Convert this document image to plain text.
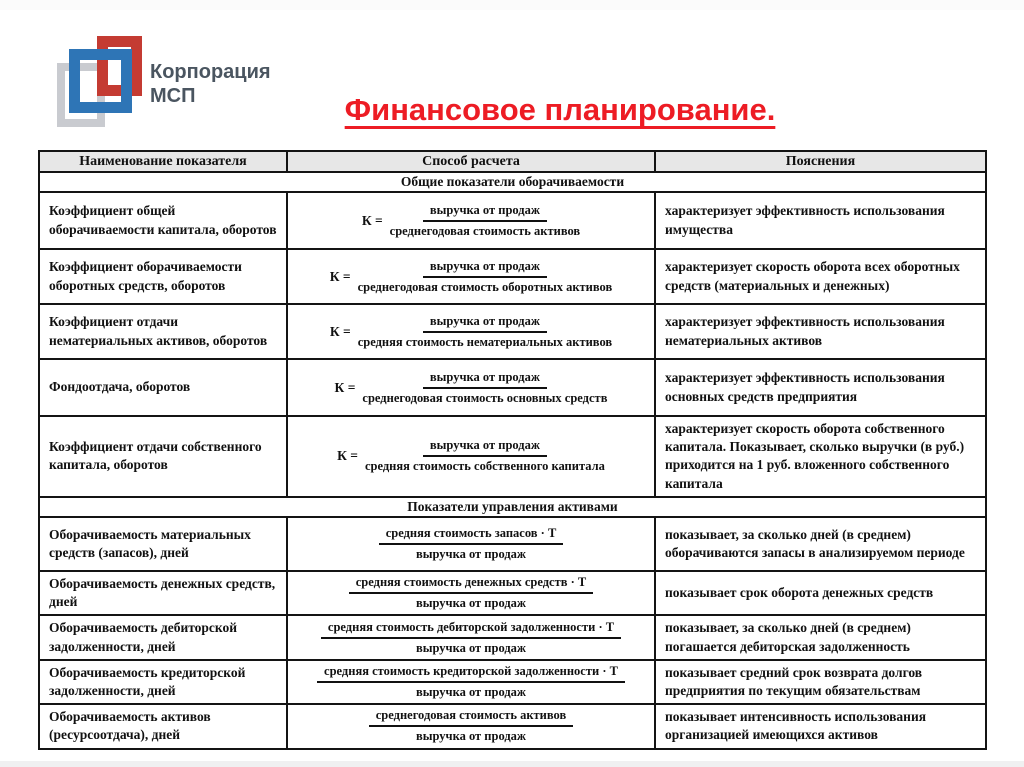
Корпорация
МСП	Финансовое планирование.
Наименование показателя	Способ расчета	Пояснения
Общие показатели оборачиваемости		
Коэффициент общей оборачиваемости капитала, оборотов	$К = \frac{\text{выручка от продаж}}{\text{среднегодовая стоимость активов}}$	характеризует эффективность использования имущества
Коэффициент оборачиваемости оборотных средств, оборотов	$К = \frac{\text{выручка от продаж}}{\text{среднегодовая стоимость оборотных активов}}$	характеризует скорость оборота всех оборотных средств (материальных и денежных)
Коэффициент отдачи нематериальных активов, оборотов	$К = \frac{\text{выручка от продаж}}{\text{средняя стоимость нематериальных активов}}$	характеризует эффективность использования нематериальных активов
Фондоотдача, оборотов	$К = \frac{\text{выручка от продаж}}{\text{среднегодовая стоимость основных средств}}$	характеризует эффективность использования основных средств предприятия
Коэффициент отдачи собственного капитала, оборотов	$К = \frac{\text{выручка от продаж}}{\text{средняя стоимость собственного капитала}}$	характеризует скорость оборота собственного капитала. Показывает, сколько выручки (в руб.) приходится на 1 руб. вложенного собственного капитала
Показатели управления активами		
Оборачиваемость материальных средств (запасов), дней	$\frac{\text{средняя стоимость запасов · Т}}{\text{выручка от продаж}}$	показывает, за сколько дней (в среднем) оборачиваются запасы в анализируемом периоде
Оборачиваемость денежных средств, дней	$\frac{\text{средняя стоимость денежных средств · Т}}{\text{выручка от продаж}}$	показывает срок оборота денежных средств
Оборачиваемость дебиторской задолженности, дней	$\frac{\text{средняя стоимость дебиторской задолженности · Т}}{\text{выручка от продаж}}$	показывает, за сколько дней (в среднем) погашается дебиторская задолженность
Оборачиваемость кредиторской задолженности, дней	$\frac{\text{средняя стоимость кредиторской задолженности · Т}}{\text{выручка от продаж}}$	показывает средний срок возврата долгов предприятия по текущим обязательствам
Оборачиваемость активов (ресурсоотдача), дней	$\frac{\text{среднегодовая стоимость активов}}{\text{выручка от продаж}}$	показывает интенсивность использования организацией имеющихся активов
